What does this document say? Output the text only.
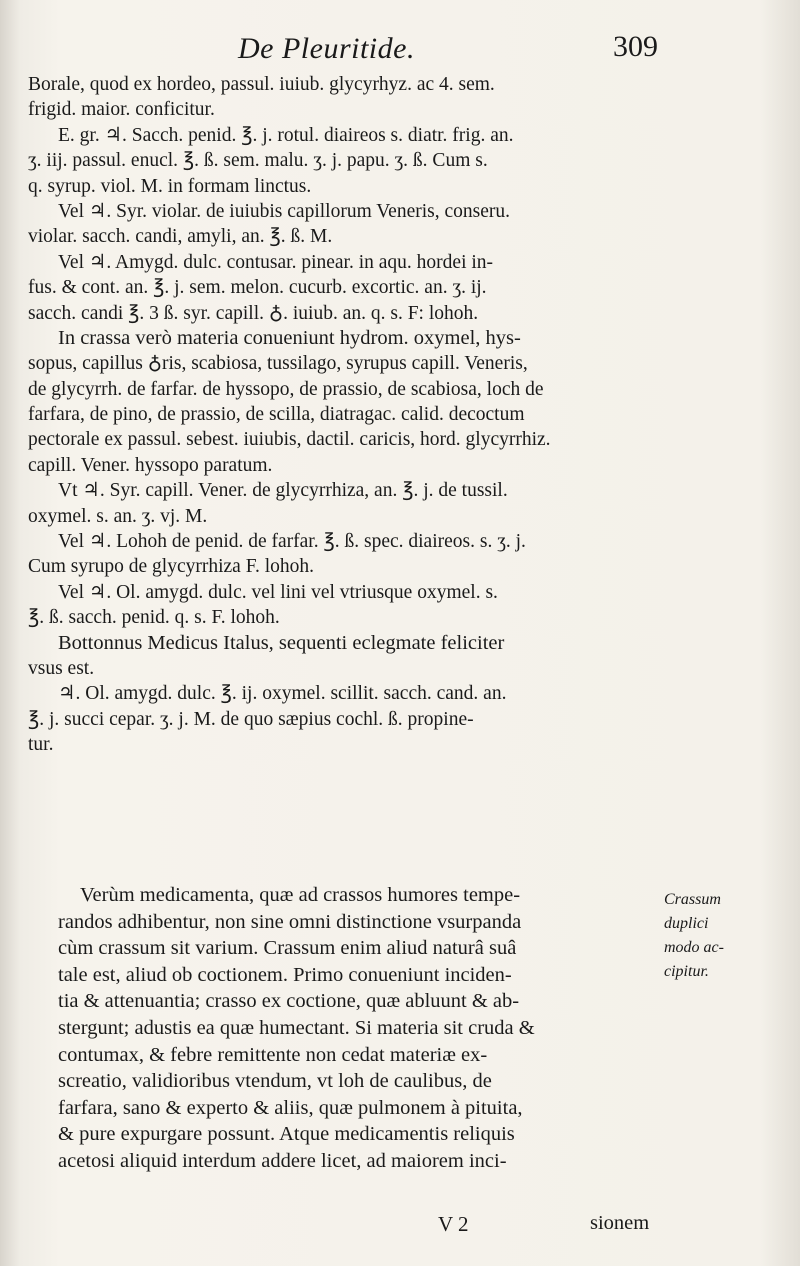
De Pleuritide.	309
Borale, quod ex hordeo, passul. iuiub. glycyrhyz. ac 4. sem.
frigid. maior. conficitur.
E. gr. ♃. Sacch. penid. ℥. j. rotul. diaireos s. diatr. frig. an.
ʒ. iij. passul. enucl. ℥. ß. sem. malu. ʒ. j. papu. ʒ. ß. Cum s.
q. syrup. viol. M. in formam linctus.
Vel ♃. Syr. violar. de iuiubis capillorum Veneris, conseru.
violar. sacch. candi, amyli, an. ℥. ß. M.
Vel ♃. Amygd. dulc. contusar. pinear. in aqu. hordei in-
fus. & cont. an. ℥. j. sem. melon. cucurb. excortic. an. ʒ. ij.
sacch. candi ℥. 3 ß. syr. capill. ♁. iuiub. an. q. s. F: lohoh.
In crassa verò materia conueniunt hydrom. oxymel, hys-
sopus, capillus ♁ris, scabiosa, tussilago, syrupus capill. Veneris,
de glycyrrh. de farfar. de hyssopo, de prassio, de scabiosa, loch de
farfara, de pino, de prassio, de scilla, diatragac. calid. decoctum
pectorale ex passul. sebest. iuiubis, dactil. caricis, hord. glycyrrhiz.
capill. Vener. hyssopo paratum.
Vt ♃. Syr. capill. Vener. de glycyrrhiza, an. ℥. j. de tussil.
oxymel. s. an. ʒ. vj. M.
Vel ♃. Lohoh de penid. de farfar. ℥. ß. spec. diaireos. s. ʒ. j.
Cum syrupo de glycyrrhiza F. lohoh.
Vel ♃. Ol. amygd. dulc. vel lini vel vtriusque oxymel. s.
℥. ß. sacch. penid. q. s. F. lohoh.
Bottonnus Medicus Italus, sequenti eclegmate feliciter
vsus est.
♃. Ol. amygd. dulc. ℥. ij. oxymel. scillit. sacch. cand. an.
℥. j. succi cepar. ʒ. j. M. de quo sæpius cochl. ß. propine-
tur.
Verùm medicamenta, quæ ad crassos humores tempe-
randos adhibentur, non sine omni distinctione vsurpanda
cùm crassum sit varium. Crassum enim aliud naturâ suâ
tale est, aliud ob coctionem. Primo conueniunt inciden-
tia & attenuantia; crasso ex coctione, quæ abluunt & ab-
stergunt; adustis ea quæ humectant. Si materia sit cruda &
contumax, & febre remittente non cedat materiæ ex-
screatio, validioribus vtendum, vt loh de caulibus, de
farfara, sano & experto & aliis, quæ pulmonem à pituita,
& pure expurgare possunt. Atque medicamentis reliquis
acetosi aliquid interdum addere licet, ad maiorem inci-
Crassum
duplici
modo ac-
cipitur.
V 2	sionem
